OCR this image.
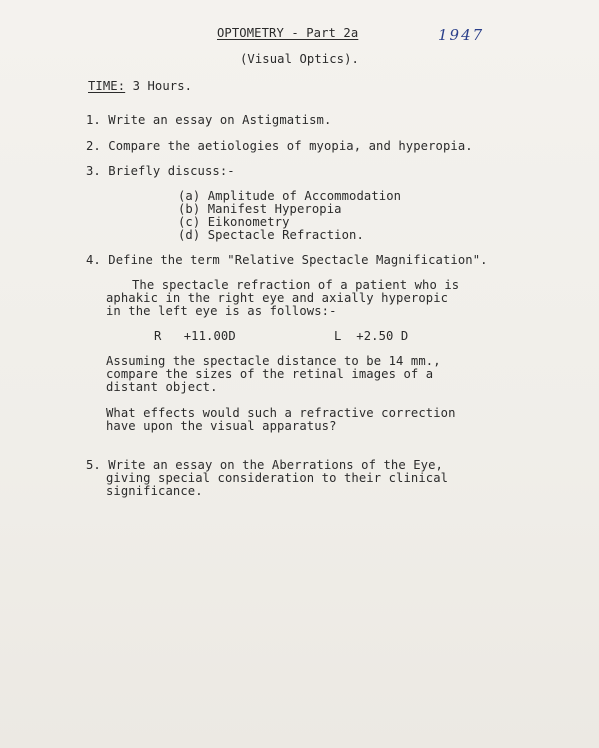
OPTOMETRY - Part 2a	1947
(Visual Optics).
TIME: 3 Hours.
1. Write an essay on Astigmatism.
2. Compare the aetiologies of myopia, and hyperopia.
3. Briefly discuss:-
(a) Amplitude of Accommodation
(b) Manifest Hyperopia
(c) Eikonometry
(d) Spectacle Refraction.
4. Define the term "Relative Spectacle Magnification".
The spectacle refraction of a patient who is
aphakic in the right eye and axially hyperopic
in the left eye is as follows:-
R   +11.00D	L  +2.50 D
Assuming the spectacle distance to be 14 mm.,
compare the sizes of the retinal images of a
distant object.
What effects would such a refractive correction
have upon the visual apparatus?
5. Write an essay on the Aberrations of the Eye,
giving special consideration to their clinical
significance.
